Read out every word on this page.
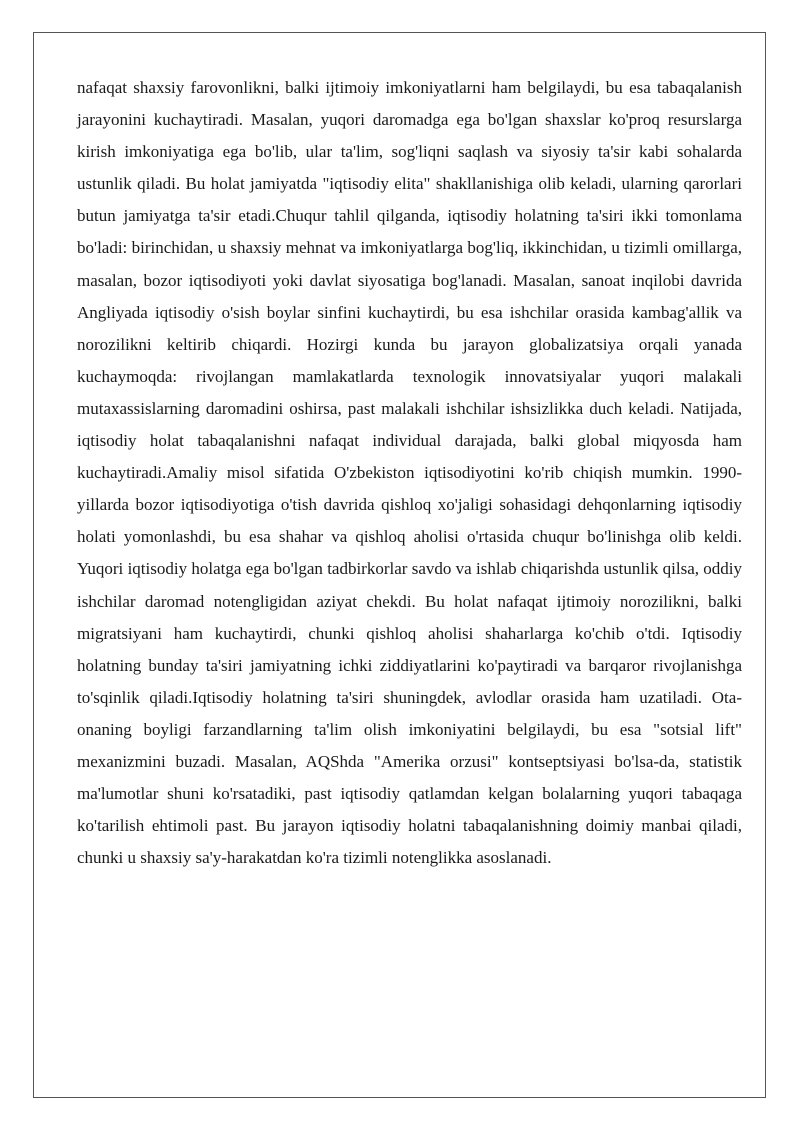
nafaqat shaxsiy farovonlikni, balki ijtimoiy imkoniyatlarni ham belgilaydi, bu esa tabaqalanish jarayonini kuchaytiradi. Masalan, yuqori daromadga ega bo'lgan shaxslar ko'proq resurslarga kirish imkoniyatiga ega bo'lib, ular ta'lim, sog'liqni saqlash va siyosiy ta'sir kabi sohalarda ustunlik qiladi. Bu holat jamiyatda "iqtisodiy elita" shakllanishiga olib keladi, ularning qarorlari butun jamiyatga ta'sir etadi.Chuqur tahlil qilganda, iqtisodiy holatning ta'siri ikki tomonlama bo'ladi: birinchidan, u shaxsiy mehnat va imkoniyatlarga bog'liq, ikkinchidan, u tizimli omillarga, masalan, bozor iqtisodiyoti yoki davlat siyosatiga bog'lanadi. Masalan, sanoat inqilobi davrida Angliyada iqtisodiy o'sish boylar sinfini kuchaytirdi, bu esa ishchilar orasida kambag'allik va norozilikni keltirib chiqardi. Hozirgi kunda bu jarayon globalizatsiya orqali yanada kuchaymoqda: rivojlangan mamlakatlarda texnologik innovatsiyalar yuqori malakali mutaxassislarning daromadini oshirsa, past malakali ishchilar ishsizlikka duch keladi. Natijada, iqtisodiy holat tabaqalanishni nafaqat individual darajada, balki global miqyosda ham kuchaytiradi.Amaliy misol sifatida O'zbekiston iqtisodiyotini ko'rib chiqish mumkin. 1990-yillarda bozor iqtisodiyotiga o'tish davrida qishloq xo'jaligi sohasidagi dehqonlarning iqtisodiy holati yomonlashdi, bu esa shahar va qishloq aholisi o'rtasida chuqur bo'linishga olib keldi. Yuqori iqtisodiy holatga ega bo'lgan tadbirkorlar savdo va ishlab chiqarishda ustunlik qilsa, oddiy ishchilar daromad notengligidan aziyat chekdi. Bu holat nafaqat ijtimoiy norozilikni, balki migratsiyani ham kuchaytirdi, chunki qishloq aholisi shaharlarga ko'chib o'tdi. Iqtisodiy holatning bunday ta'siri jamiyatning ichki ziddiyatlarini ko'paytiradi va barqaror rivojlanishga to'sqinlik qiladi.Iqtisodiy holatning ta'siri shuningdek, avlodlar orasida ham uzatiladi. Ota-onaning boyligi farzandlarning ta'lim olish imkoniyatini belgilaydi, bu esa "sotsial lift" mexanizmini buzadi. Masalan, AQShda "Amerika orzusi" kontseptsiyasi bo'lsa-da, statistik ma'lumotlar shuni ko'rsatadiki, past iqtisodiy qatlamdan kelgan bolalarning yuqori tabaqaga ko'tarilish ehtimoli past. Bu jarayon iqtisodiy holatni tabaqalanishning doimiy manbai qiladi, chunki u shaxsiy sa'y-harakatdan ko'ra tizimli notenglikka asoslanadi.
